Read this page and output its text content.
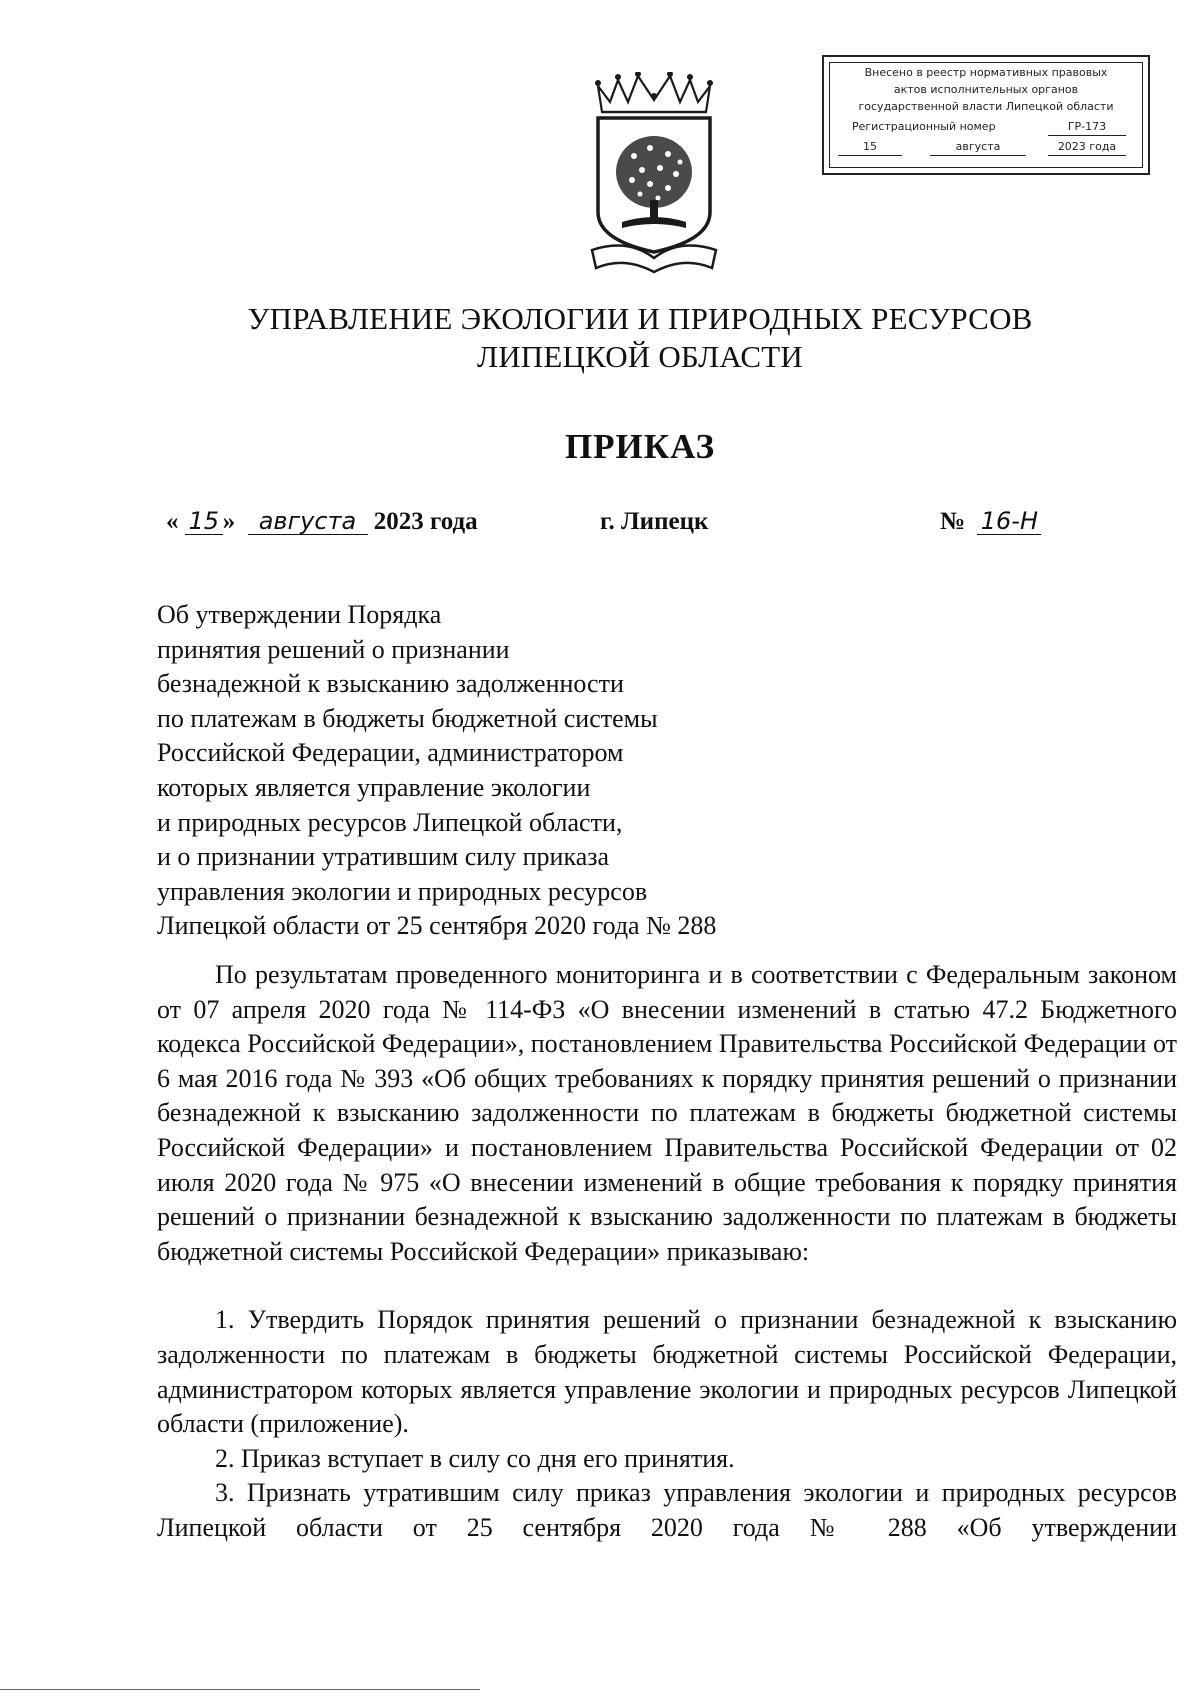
Внесено в реестр нормативных правовых
актов исполнительных органов
государственной власти Липецкой области
Регистрационный номер	ГР-173
15	августа	2023 года
УПРАВЛЕНИЕ ЭКОЛОГИИ И ПРИРОДНЫХ РЕСУРСОВ
ЛИПЕЦКОЙ ОБЛАСТИ
ПРИКАЗ
« 15 » августа 2023 года	г. Липецк	№ 16-Н
Об утверждении Порядка
принятия решений о признании
безнадежной к взысканию задолженности
по платежам в бюджеты бюджетной системы
Российской Федерации, администратором
которых является управление экологии
и природных ресурсов Липецкой области,
и о признании утратившим силу приказа
управления экологии и природных ресурсов
Липецкой области от 25 сентября 2020 года № 288

По результатам проведенного мониторинга и в соответствии с Федеральным законом от 07 апреля 2020 года № 114-ФЗ «О внесении изменений в статью 47.2 Бюджетного кодекса Российской Федерации», постановлением Правительства Российской Федерации от 6 мая 2016 года № 393 «Об общих требованиях к порядку принятия решений о признании безнадежной к взысканию задолженности по платежам в бюджеты бюджетной системы Российской Федерации» и постановлением Правительства Российской Федерации от 02 июля 2020 года № 975 «О внесении изменений в общие требования к порядку принятия решений о признании безнадежной к взысканию задолженности по платежам в бюджеты бюджетной системы Российской Федерации» приказываю:

1. Утвердить Порядок принятия решений о признании безнадежной к взысканию задолженности по платежам в бюджеты бюджетной системы Российской Федерации, администратором которых является управление экологии и природных ресурсов Липецкой области (приложение).

2. Приказ вступает в силу со дня его принятия.

3. Признать утратившим силу приказ управления экологии и природных ресурсов Липецкой области от 25 сентября 2020 года № 288 «Об утверждении
